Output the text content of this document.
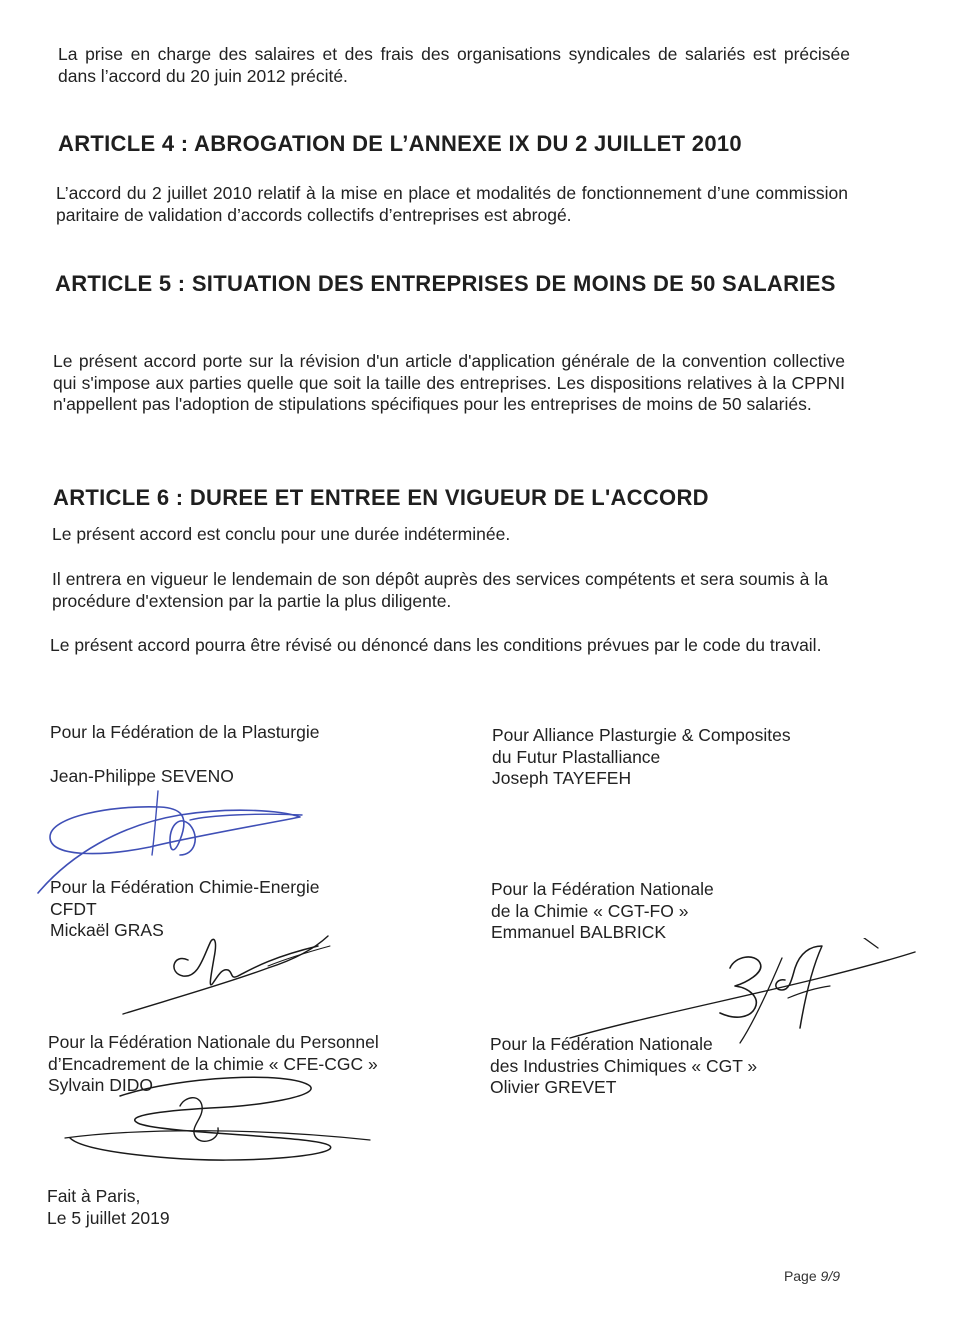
La prise en charge des salaires et des frais des organisations syndicales de salariés est précisée dans l’accord du 20 juin 2012 précité.

ARTICLE 4 : ABROGATION DE L’ANNEXE IX DU 2 JUILLET 2010

L’accord du 2 juillet 2010 relatif à la mise en place et modalités de fonctionnement d’une commission paritaire de validation d’accords collectifs d’entreprises est abrogé.

ARTICLE 5 : SITUATION DES ENTREPRISES DE MOINS DE 50 SALARIES

Le présent accord porte sur la révision d'un article d'application générale de la convention collective qui s'impose aux parties quelle que soit la taille des entreprises. Les dispositions relatives à la CPPNI n'appellent pas l'adoption de stipulations spécifiques pour les entreprises de moins de 50 salariés.

ARTICLE 6 : DUREE ET ENTREE EN VIGUEUR DE L'ACCORD

Le présent accord est conclu pour une durée indéterminée.

Il entrera en vigueur le lendemain de son dépôt auprès des services compétents et sera soumis à la procédure d'extension par la partie la plus diligente.

Le présent accord pourra être révisé ou dénoncé dans les conditions prévues par le code du travail.

Pour la Fédération de la Plasturgie
Jean-Philippe SEVENO
Pour Alliance Plasturgie & Composites
du Futur Plastalliance
Joseph TAYEFEH
Pour la Fédération Chimie-Energie
CFDT
Mickaël GRAS
Pour la Fédération Nationale
de la Chimie « CGT-FO »
Emmanuel BALBRICK
Pour la Fédération Nationale du Personnel
d’Encadrement de la chimie « CFE-CGC »
Sylvain DIDO
Pour la Fédération Nationale
des Industries Chimiques « CGT »
Olivier GREVET
Fait à Paris,
Le 5 juillet 2019
Page 9/9
